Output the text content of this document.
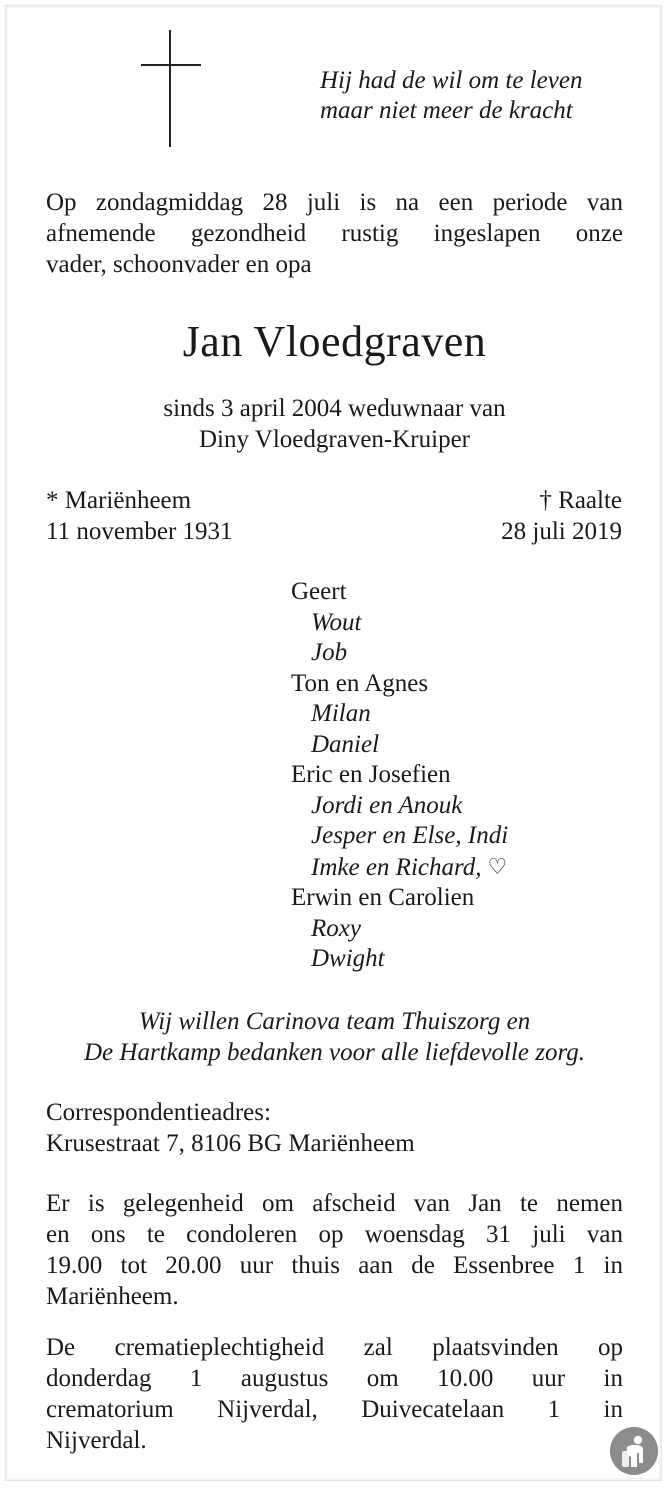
Hij had de wil om te leven
maar niet meer de kracht
Op zondagmiddag 28 juli is na een periode van
afnemende gezondheid rustig ingeslapen onze
vader, schoonvader en opa
Jan Vloedgraven
sinds 3 april 2004 weduwnaar van
Diny Vloedgraven-Kruiper
* Mariënheem
11 november 1931
† Raalte
28 juli 2019
Geert
Wout
Job
Ton en Agnes
Milan
Daniel
Eric en Josefien
Jordi en Anouk
Jesper en Else, Indi
Imke en Richard, ♡
Erwin en Carolien
Roxy
Dwight
Wij willen Carinova team Thuiszorg en
De Hartkamp bedanken voor alle liefdevolle zorg.
Correspondentieadres:
Krusestraat 7, 8106 BG Mariënheem
Er is gelegenheid om afscheid van Jan te nemen
en ons te condoleren op woensdag 31 juli van
19.00 tot 20.00 uur thuis aan de Essenbree 1 in
Mariënheem.
De crematieplechtigheid zal plaatsvinden op
donderdag 1 augustus om 10.00 uur in
crematorium Nijverdal, Duivecatelaan 1 in
Nijverdal.
